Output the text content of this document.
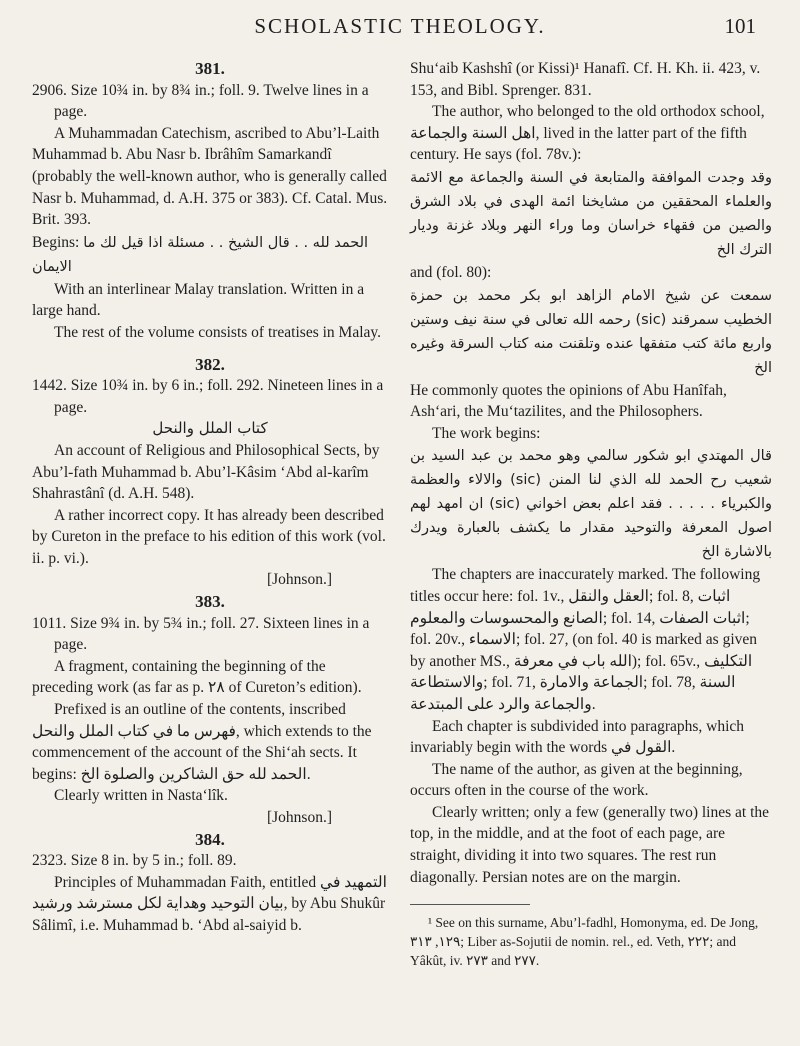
SCHOLASTIC THEOLOGY.	101

381.

2906. Size 10¾ in. by 8¾ in.; foll. 9. Twelve lines in a page.

A Muhammadan Catechism, ascribed to Abu’l-Laith Muhammad b. Abu Nasr b. Ibrâhîm Samarkandî (probably the well-known author, who is generally called Nasr b. Muhammad, d. A.H. 375 or 383). Cf. Catal. Mus. Brit. 393.

Begins: الحمد لله . . قال الشيخ . . مسئلة اذا قيل لك ما الايمان

With an interlinear Malay translation. Written in a large hand.

The rest of the volume consists of treatises in Malay.

382.

1442. Size 10¾ in. by 6 in.; foll. 292. Nineteen lines in a page.

كتاب الملل والنحل

An account of Religious and Philosophical Sects, by Abu’l-fath Muhammad b. Abu’l-Kâsim ‘Abd al-karîm Shahrastânî (d. A.H. 548).

A rather incorrect copy. It has already been described by Cureton in the preface to his edition of this work (vol. ii. p. vi.).

[Johnson.]

383.

1011. Size 9¾ in. by 5¾ in.; foll. 27. Sixteen lines in a page.

A fragment, containing the beginning of the preceding work (as far as p. ٢٨ of Cureton’s edition).

Prefixed is an outline of the contents, inscribed فهرس ما في كتاب الملل والنحل, which extends to the commencement of the account of the Shi‘ah sects. It begins: الحمد لله حق الشاكرين والصلوة الخ.

Clearly written in Nasta‘lîk.

[Johnson.]

384.

2323. Size 8 in. by 5 in.; foll. 89.

Principles of Muhammadan Faith, entitled التمهيد في بيان التوحيد وهداية لكل مسترشد ورشيد, by Abu Shukûr Sâlimî, i.e. Muhammad b. ‘Abd al-saiyid b.

Shu‘aib Kashshî (or Kissi)¹ Hanafî. Cf. H. Kh. ii. 423, v. 153, and Bibl. Sprenger. 831.

The author, who belonged to the old orthodox school, اهل السنة والجماعة, lived in the latter part of the fifth century. He says (fol. 78v.):

وقد وجدت الموافقة والمتابعة في السنة والجماعة مع الائمة والعلماء المحققين من مشايخنا ائمة الهدى في بلاد الشرق والصين من فقهاء خراسان وما وراء النهر وبلاد غزنة وديار الترك الخ

and (fol. 80):

سمعت عن شيخ الامام الزاهد ابو بكر محمد بن حمزة الخطيب سمرقند (sic) رحمه الله تعالى في سنة نيف وستين واربع مائة كتب متفقها عنده وتلقنت منه كتاب السرقة وغيره الخ

He commonly quotes the opinions of Abu Hanîfah, Ash‘ari, the Mu‘tazilites, and the Philosophers.

The work begins:

قال المهتدي ابو شكور سالمي وهو محمد بن عبد السيد بن شعيب رح الحمد لله الذي لنا المنن (sic) والالاء والعظمة والكبرياء . . . . . فقد اعلم بعض اخواني (sic) ان امهد لهم اصول المعرفة والتوحيد مقدار ما يكشف بالعبارة ويدرك بالاشارة الخ

The chapters are inaccurately marked. The following titles occur here: fol. 1v., العقل والنقل; fol. 8, اثبات الصانع والمحسوسات والمعلوم; fol. 14, اثبات الصفات; fol. 20v., الاسماء; fol. 27, (on fol. 40 is marked as given by another MS., الله باب في معرفة); fol. 65v., التكليف والاستطاعة; fol. 71, الجماعة والامارة; fol. 78, السنة والجماعة والرد على المبتدعة.

Each chapter is subdivided into paragraphs, which invariably begin with the words القول في.

The name of the author, as given at the beginning, occurs often in the course of the work.

Clearly written; only a few (generally two) lines at the top, in the middle, and at the foot of each page, are straight, dividing it into two squares. The rest run diagonally. Persian notes are on the margin.

¹ See on this surname, Abu’l-fadhl, Homonyma, ed. De Jong, ١٢٩, ٣١٣; Liber as-Sojutii de nomin. rel., ed. Veth, ٢٢٢; and Yâkût, iv. ٢٧٣ and ٢٧٧.
